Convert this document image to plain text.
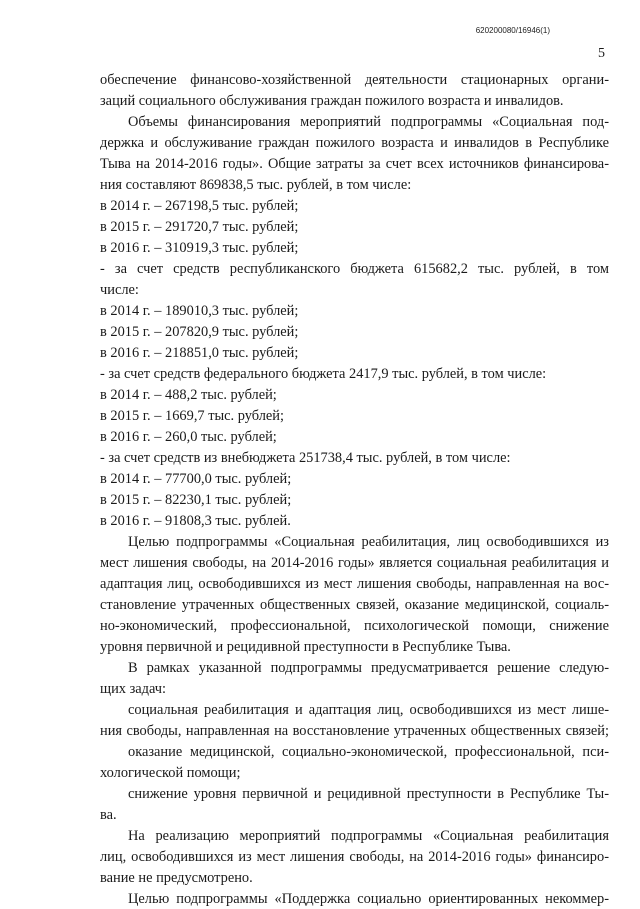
620200080/16946(1)
5
обеспечение финансово-хозяйственной деятельности стационарных органи-
заций социального обслуживания граждан пожилого возраста и инвалидов.
Объемы финансирования мероприятий подпрограммы «Социальная под-
держка и обслуживание граждан пожилого возраста и инвалидов в Республике
Тыва на 2014-2016 годы». Общие затраты за счет всех источников финансирова-
ния составляют 869838,5 тыс. рублей, в том числе:
в 2014 г. – 267198,5 тыс. рублей;
в 2015 г. – 291720,7 тыс. рублей;
в 2016 г. – 310919,3 тыс. рублей;
- за счет средств республиканского бюджета 615682,2 тыс. рублей, в том
числе:
в 2014 г. – 189010,3 тыс. рублей;
в 2015 г. – 207820,9 тыс. рублей;
в 2016 г. – 218851,0 тыс. рублей;
- за счет средств федерального бюджета 2417,9 тыс. рублей, в том числе:
в 2014 г. – 488,2 тыс. рублей;
в 2015 г. – 1669,7 тыс. рублей;
в 2016 г. – 260,0 тыс. рублей;
- за счет средств из внебюджета 251738,4 тыс. рублей, в том числе:
в 2014 г. – 77700,0 тыс. рублей;
в 2015 г. – 82230,1 тыс. рублей;
в 2016 г. – 91808,3 тыс. рублей.
Целью подпрограммы «Социальная реабилитация, лиц освободившихся из
мест лишения свободы, на 2014-2016 годы» является социальная реабилитация и
адаптация лиц, освободившихся из мест лишения свободы, направленная на вос-
становление утраченных общественных связей, оказание медицинской, социаль-
но-экономический, профессиональной, психологической помощи, снижение
уровня первичной и рецидивной преступности в Республике Тыва.
В рамках указанной подпрограммы предусматривается решение следую-
щих задач:
социальная реабилитация и адаптация лиц, освободившихся из мест лише-
ния свободы, направленная на восстановление утраченных общественных связей;
оказание медицинской, социально-экономической, профессиональной, пси-
хологической помощи;
снижение уровня первичной и рецидивной преступности в Республике Ты-
ва.
На реализацию мероприятий подпрограммы «Социальная реабилитация
лиц, освободившихся из мест лишения свободы, на 2014-2016 годы» финансиро-
вание не предусмотрено.
Целью подпрограммы «Поддержка социально ориентированных некоммер-
